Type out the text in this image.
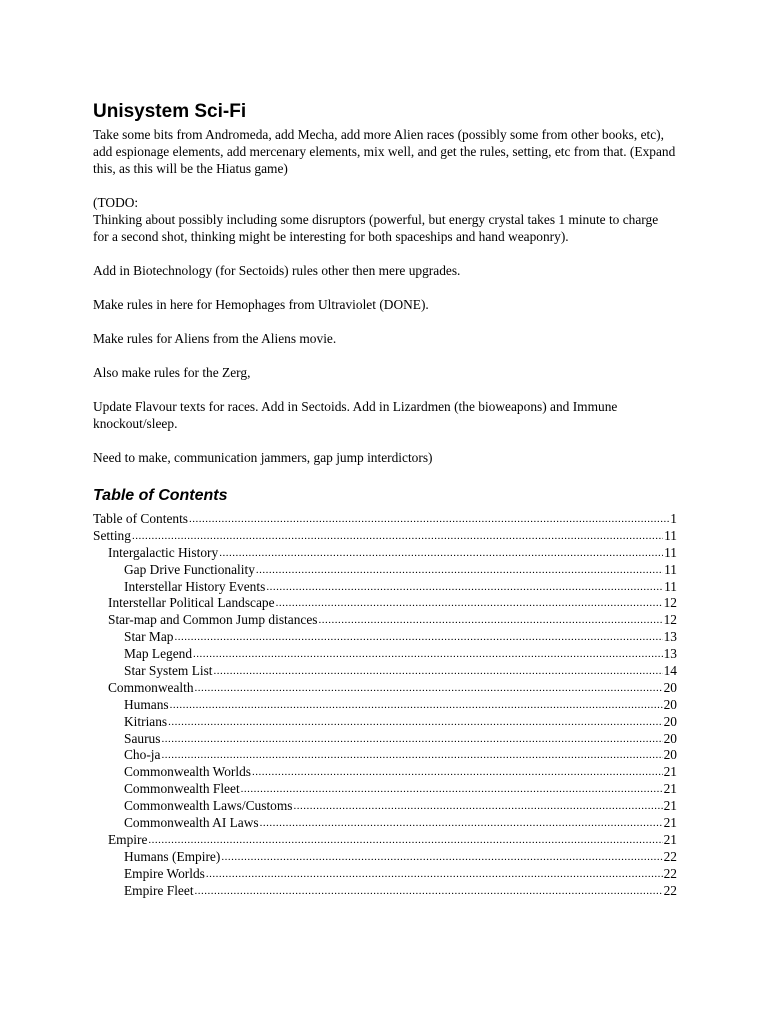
Unisystem Sci-Fi

Take some bits from Andromeda, add Mecha, add more Alien races (possibly some from other books, etc), add espionage elements, add mercenary elements, mix well, and get the rules, setting, etc from that. (Expand this, as this will be the Hiatus game)

(TODO:
Thinking about possibly including some disruptors (powerful, but energy crystal takes 1 minute to charge for a second shot, thinking might be interesting for both spaceships and hand weaponry).

Add in Biotechnology (for Sectoids) rules other then mere upgrades.

Make rules in here for Hemophages from Ultraviolet (DONE).

Make rules for Aliens from the Aliens movie.

Also make rules for the Zerg,

Update Flavour texts for races. Add in Sectoids. Add in Lizardmen (the bioweapons) and Immune knockout/sleep.

Need to make, communication jammers, gap jump interdictors)

Table of Contents
Table of Contents .....	1
Setting .....	11
Intergalactic History .....	11
Gap Drive Functionality .....	11
Interstellar History Events .....	11
Interstellar Political Landscape .....	12
Star-map and Common Jump distances .....	12
Star Map .....	13
Map Legend .....	13
Star System List .....	14
Commonwealth .....	20
Humans .....	20
Kitrians .....	20
Saurus .....	20
Cho-ja .....	20
Commonwealth Worlds .....	21
Commonwealth Fleet .....	21
Commonwealth Laws/Customs .....	21
Commonwealth AI Laws .....	21
Empire .....	21
Humans (Empire) .....	22
Empire Worlds .....	22
Empire Fleet .....	22
